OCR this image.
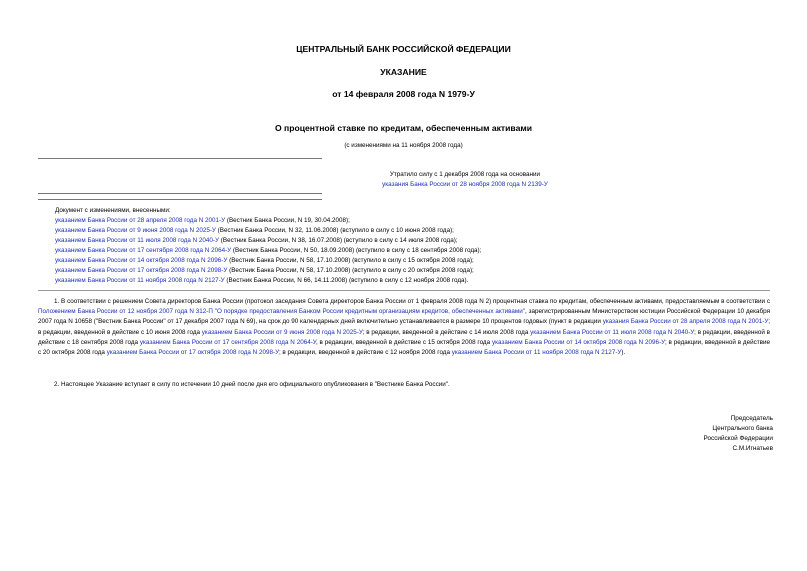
ЦЕНТРАЛЬНЫЙ БАНК РОССИЙСКОЙ ФЕДЕРАЦИИ
УКАЗАНИЕ
от 14 февраля 2008 года N 1979-У
О процентной ставке по кредитам, обеспеченным активами
(с изменениями на 11 ноября 2008 года)
Утратило силу с 1 декабря 2008 года на основании
указания Банка России от 28 ноября 2008 года N 2139-У
Документ с изменениями, внесенными:
указанием Банка России от 28 апреля 2008 года N 2001-У (Вестник Банка России, N 19, 30.04.2008);
указанием Банка России от 9 июня 2008 года N 2025-У (Вестник Банка России, N 32, 11.06.2008) (вступило в силу с 10 июня 2008 года);
указанием Банка России от 11 июля 2008 года N 2040-У (Вестник Банка России, N 38, 16.07.2008) (вступило в силу с 14 июля 2008 года);
указанием Банка России от 17 сентября 2008 года N 2064-У (Вестник Банка России, N 50, 18.09.2008) (вступило в силу с 18 сентября 2008 года);
указанием Банка России от 14 октября 2008 года N 2096-У (Вестник Банка России, N 58, 17.10.2008) (вступило в силу с 15 октября 2008 года);
указанием Банка России от 17 октября 2008 года N 2098-У (Вестник Банка России, N 58, 17.10.2008) (вступило в силу с 20 октября 2008 года);
указанием Банка России от 11 ноября 2008 года N 2127-У (Вестник Банка России, N 66, 14.11.2008) (вступило в силу с 12 ноября 2008 года).
1. В соответствии с решением Совета директоров Банка России (протокол заседания Совета директоров Банка России от 1 февраля 2008 года N 2) процентная ставка по кредитам, обеспеченным активами, предоставляемым в соответствии с Положением Банка России от 12 ноября 2007 года N 312-П "О порядке предоставления Банком России кредитным организациям кредитов, обеспеченных активами", зарегистрированным Министерством юстиции Российской Федерации 10 декабря 2007 года N 10658 ("Вестник Банка России" от 17 декабря 2007 года N 69), на срок до 90 календарных дней включительно устанавливается в размере 10 процентов годовых (пункт в редакции указания Банка России от 28 апреля 2008 года N 2001-У; в редакции, введенной в действие с 10 июня 2008 года указанием Банка России от 9 июня 2008 года N 2025-У; в редакции, введенной в действие с 14 июля 2008 года указанием Банка России от 11 июля 2008 года N 2040-У; в редакции, введенной в действие с 18 сентября 2008 года указанием Банка России от 17 сентября 2008 года N 2064-У, в редакции, введенной в действие с 15 октября 2008 года указанием Банка России от 14 октября 2008 года N 2096-У; в редакции, введенной в действие с 20 октября 2008 года указанием Банка России от 17 октября 2008 года N 2098-У; в редакции, введенной в действие с 12 ноября 2008 года указанием Банка России от 11 ноября 2008 года N 2127-У).
2. Настоящее Указание вступает в силу по истечении 10 дней после дня его официального опубликования в "Вестнике Банка России".
Председатель
Центрального банка
Российской Федерации
С.М.Игнатьев
